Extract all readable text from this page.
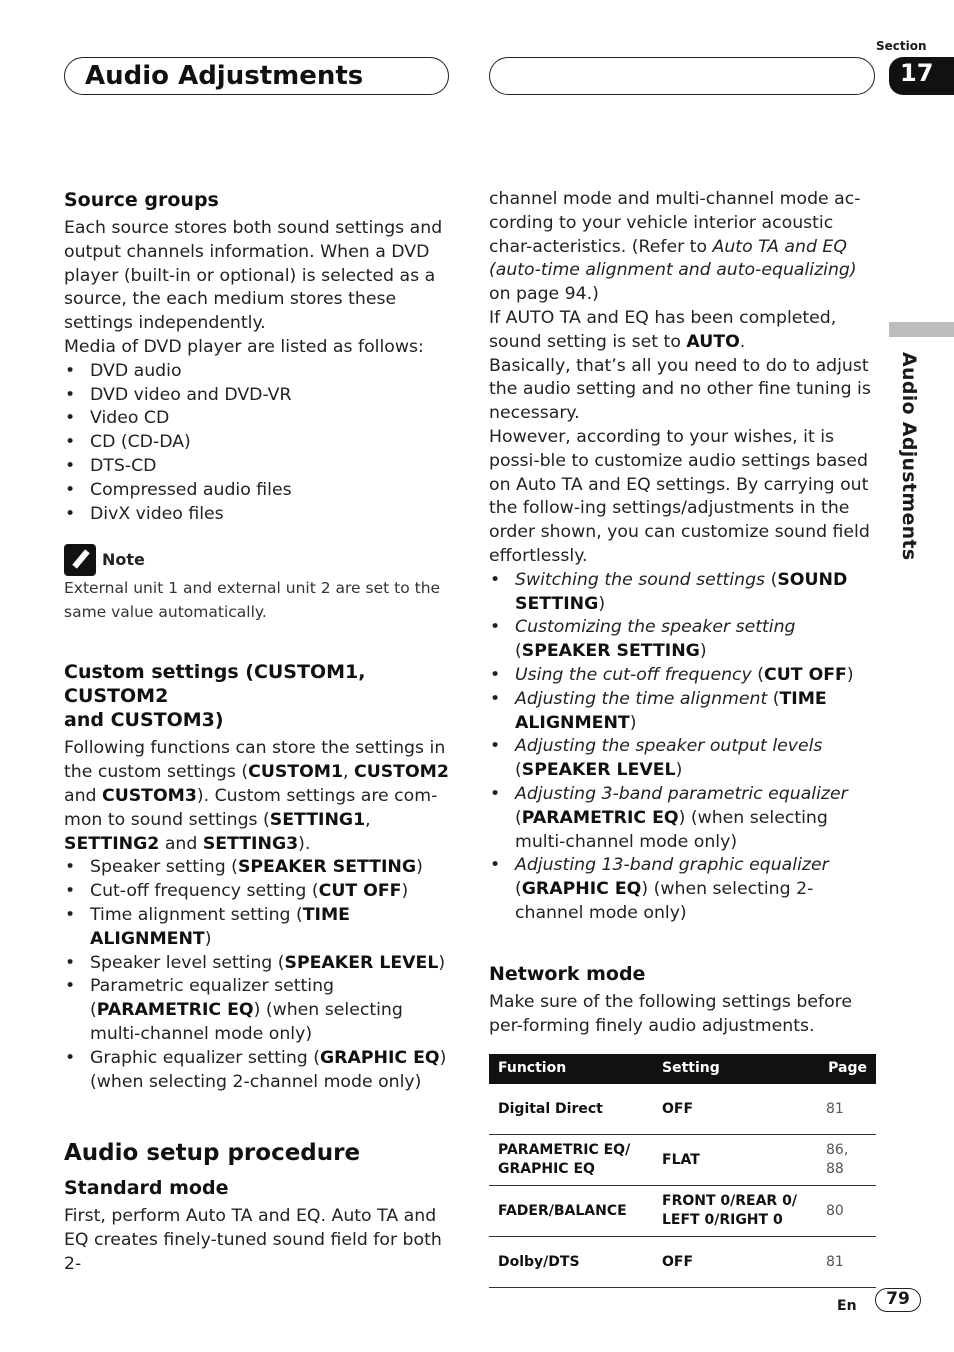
Audio Adjustments
Section
17
Audio Adjustments
Source groups

Each source stores both sound settings and output channels information. When a DVD player (built-in or optional) is selected as a source, the each medium stores these settings independently.

Media of DVD player are listed as follows:

• DVD audio
• DVD video and DVD-VR
• Video CD
• CD (CD-DA)
• DTS-CD
• Compressed audio files
• DivX video files
Note

External unit 1 and external unit 2 are set to the same value automatically.

Custom settings (CUSTOM1, CUSTOM2
and CUSTOM3)

Following functions can store the settings in the custom settings (CUSTOM1, CUSTOM2 and CUSTOM3). Custom settings are com-mon to sound settings (SETTING1, SETTING2 and SETTING3).

• Speaker setting (SPEAKER SETTING)
• Cut-off frequency setting (CUT OFF)
• Time alignment setting (TIME ALIGNMENT)
• Speaker level setting (SPEAKER LEVEL)
• Parametric equalizer setting (PARAMETRIC EQ) (when selecting multi-channel mode only)
• Graphic equalizer setting (GRAPHIC EQ) (when selecting 2-channel mode only)
Audio setup procedure
Standard mode

First, perform Auto TA and EQ. Auto TA and EQ creates finely-tuned sound field for both 2-

channel mode and multi-channel mode ac-cording to your vehicle interior acoustic char-acteristics. (Refer to Auto TA and EQ (auto-time alignment and auto-equalizing) on page 94.)

If AUTO TA and EQ has been completed, sound setting is set to AUTO.

Basically, that’s all you need to do to adjust the audio setting and no other fine tuning is necessary.

However, according to your wishes, it is possi-ble to customize audio settings based on Auto TA and EQ settings. By carrying out the follow-ing settings/adjustments in the order shown, you can customize sound field effortlessly.

• Switching the sound settings (SOUND SETTING)
• Customizing the speaker setting (SPEAKER SETTING)
• Using the cut-off frequency (CUT OFF)
• Adjusting the time alignment (TIME ALIGNMENT)
• Adjusting the speaker output levels (SPEAKER LEVEL)
• Adjusting 3-band parametric equalizer (PARAMETRIC EQ) (when selecting multi-channel mode only)
• Adjusting 13-band graphic equalizer (GRAPHIC EQ) (when selecting 2-channel mode only)
Network mode

Make sure of the following settings before per-forming finely audio adjustments.

Function	Setting	Page
Digital Direct	OFF	81
PARAMETRIC EQ/ GRAPHIC EQ	FLAT	86, 88
FADER/BALANCE	FRONT 0/REAR 0/ LEFT 0/RIGHT 0	80
Dolby/DTS	OFF	81
En	79
